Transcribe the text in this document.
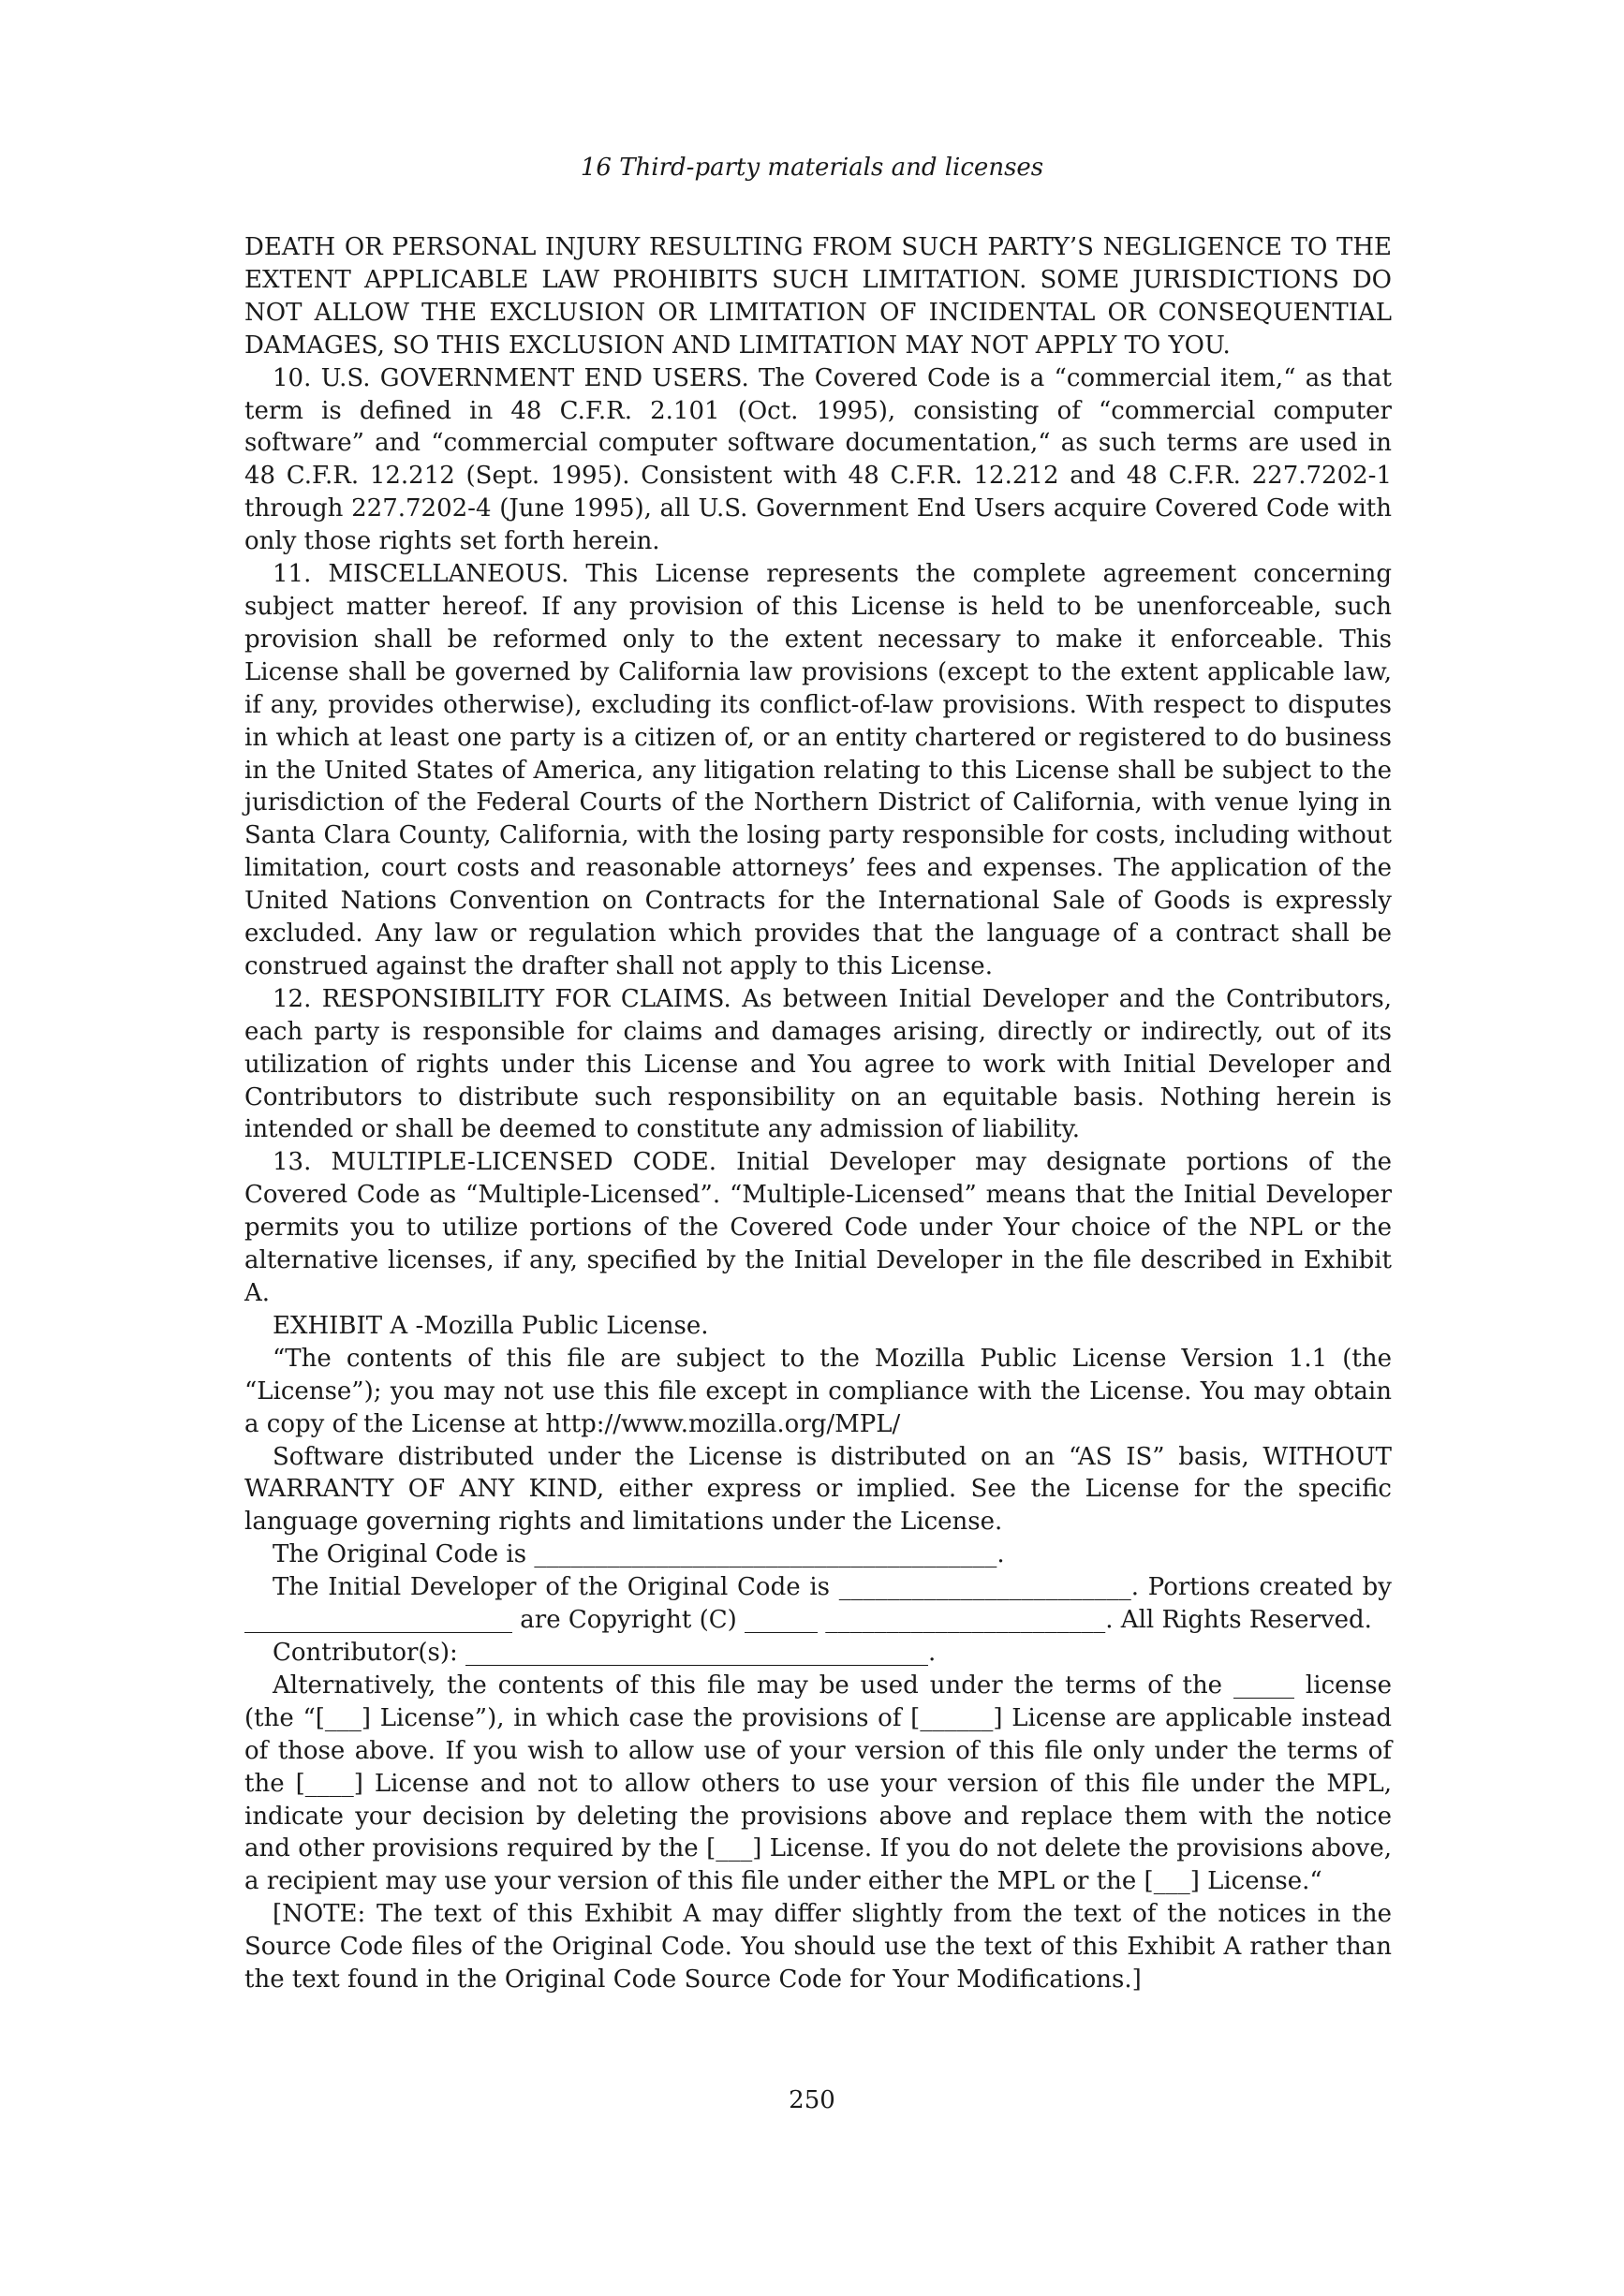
16 Third-party materials and licenses

DEATH OR PERSONAL INJURY RESULTING FROM SUCH PARTY’S NEGLIGENCE TO THE EXTENT APPLICABLE LAW PROHIBITS SUCH LIMITATION. SOME JURISDICTIONS DO NOT ALLOW THE EXCLUSION OR LIMITATION OF INCIDENTAL OR CONSEQUENTIAL DAMAGES, SO THIS EXCLUSION AND LIMITATION MAY NOT APPLY TO YOU.

10. U.S. GOVERNMENT END USERS. The Covered Code is a “commercial item,“ as that term is defined in 48 C.F.R. 2.101 (Oct. 1995), consisting of “commercial computer software” and “commercial computer software documentation,“ as such terms are used in 48 C.F.R. 12.212 (Sept. 1995). Consistent with 48 C.F.R. 12.212 and 48 C.F.R. 227.7202-1 through 227.7202-4 (June 1995), all U.S. Government End Users acquire Covered Code with only those rights set forth herein.

11. MISCELLANEOUS. This License represents the complete agreement concerning subject matter hereof. If any provision of this License is held to be unenforceable, such provision shall be reformed only to the extent necessary to make it enforceable. This License shall be governed by California law provisions (except to the extent applicable law, if any, provides otherwise), excluding its conflict-of-law provisions. With respect to disputes in which at least one party is a citizen of, or an entity chartered or registered to do business in the United States of America, any litigation relating to this License shall be subject to the jurisdiction of the Federal Courts of the Northern District of California, with venue lying in Santa Clara County, California, with the losing party responsible for costs, including without limitation, court costs and reasonable attorneys’ fees and expenses. The application of the United Nations Convention on Contracts for the International Sale of Goods is expressly excluded. Any law or regulation which provides that the language of a contract shall be construed against the drafter shall not apply to this License.

12. RESPONSIBILITY FOR CLAIMS. As between Initial Developer and the Contributors, each party is responsible for claims and damages arising, directly or indirectly, out of its utilization of rights under this License and You agree to work with Initial Developer and Contributors to distribute such responsibility on an equitable basis. Nothing herein is intended or shall be deemed to constitute any admission of liability.

13. MULTIPLE-LICENSED CODE. Initial Developer may designate portions of the Covered Code as “Multiple-Licensed”. “Multiple-Licensed” means that the Initial Developer permits you to utilize portions of the Covered Code under Your choice of the NPL or the alternative licenses, if any, specified by the Initial Developer in the file described in Exhibit A.

EXHIBIT A -Mozilla Public License.

“The contents of this file are subject to the Mozilla Public License Version 1.1 (the “License”); you may not use this file except in compliance with the License. You may obtain a copy of the License at http://www.mozilla.org/MPL/

Software distributed under the License is distributed on an “AS IS” basis, WITHOUT WARRANTY OF ANY KIND, either express or implied. See the License for the specific language governing rights and limitations under the License.

The Original Code is ______________________________________.

The Initial Developer of the Original Code is ________________________. Portions created by ______________________ are Copyright (C) ______ _______________________. All Rights Reserved.

Contributor(s): ______________________________________.

Alternatively, the contents of this file may be used under the terms of the _____ license (the “[___] License”), in which case the provisions of [______] License are applicable instead of those above. If you wish to allow use of your version of this file only under the terms of the [____] License and not to allow others to use your version of this file under the MPL, indicate your decision by deleting the provisions above and replace them with the notice and other provisions required by the [___] License. If you do not delete the provisions above, a recipient may use your version of this file under either the MPL or the [___] License.“

[NOTE: The text of this Exhibit A may differ slightly from the text of the notices in the Source Code files of the Original Code. You should use the text of this Exhibit A rather than the text found in the Original Code Source Code for Your Modifications.]

250
